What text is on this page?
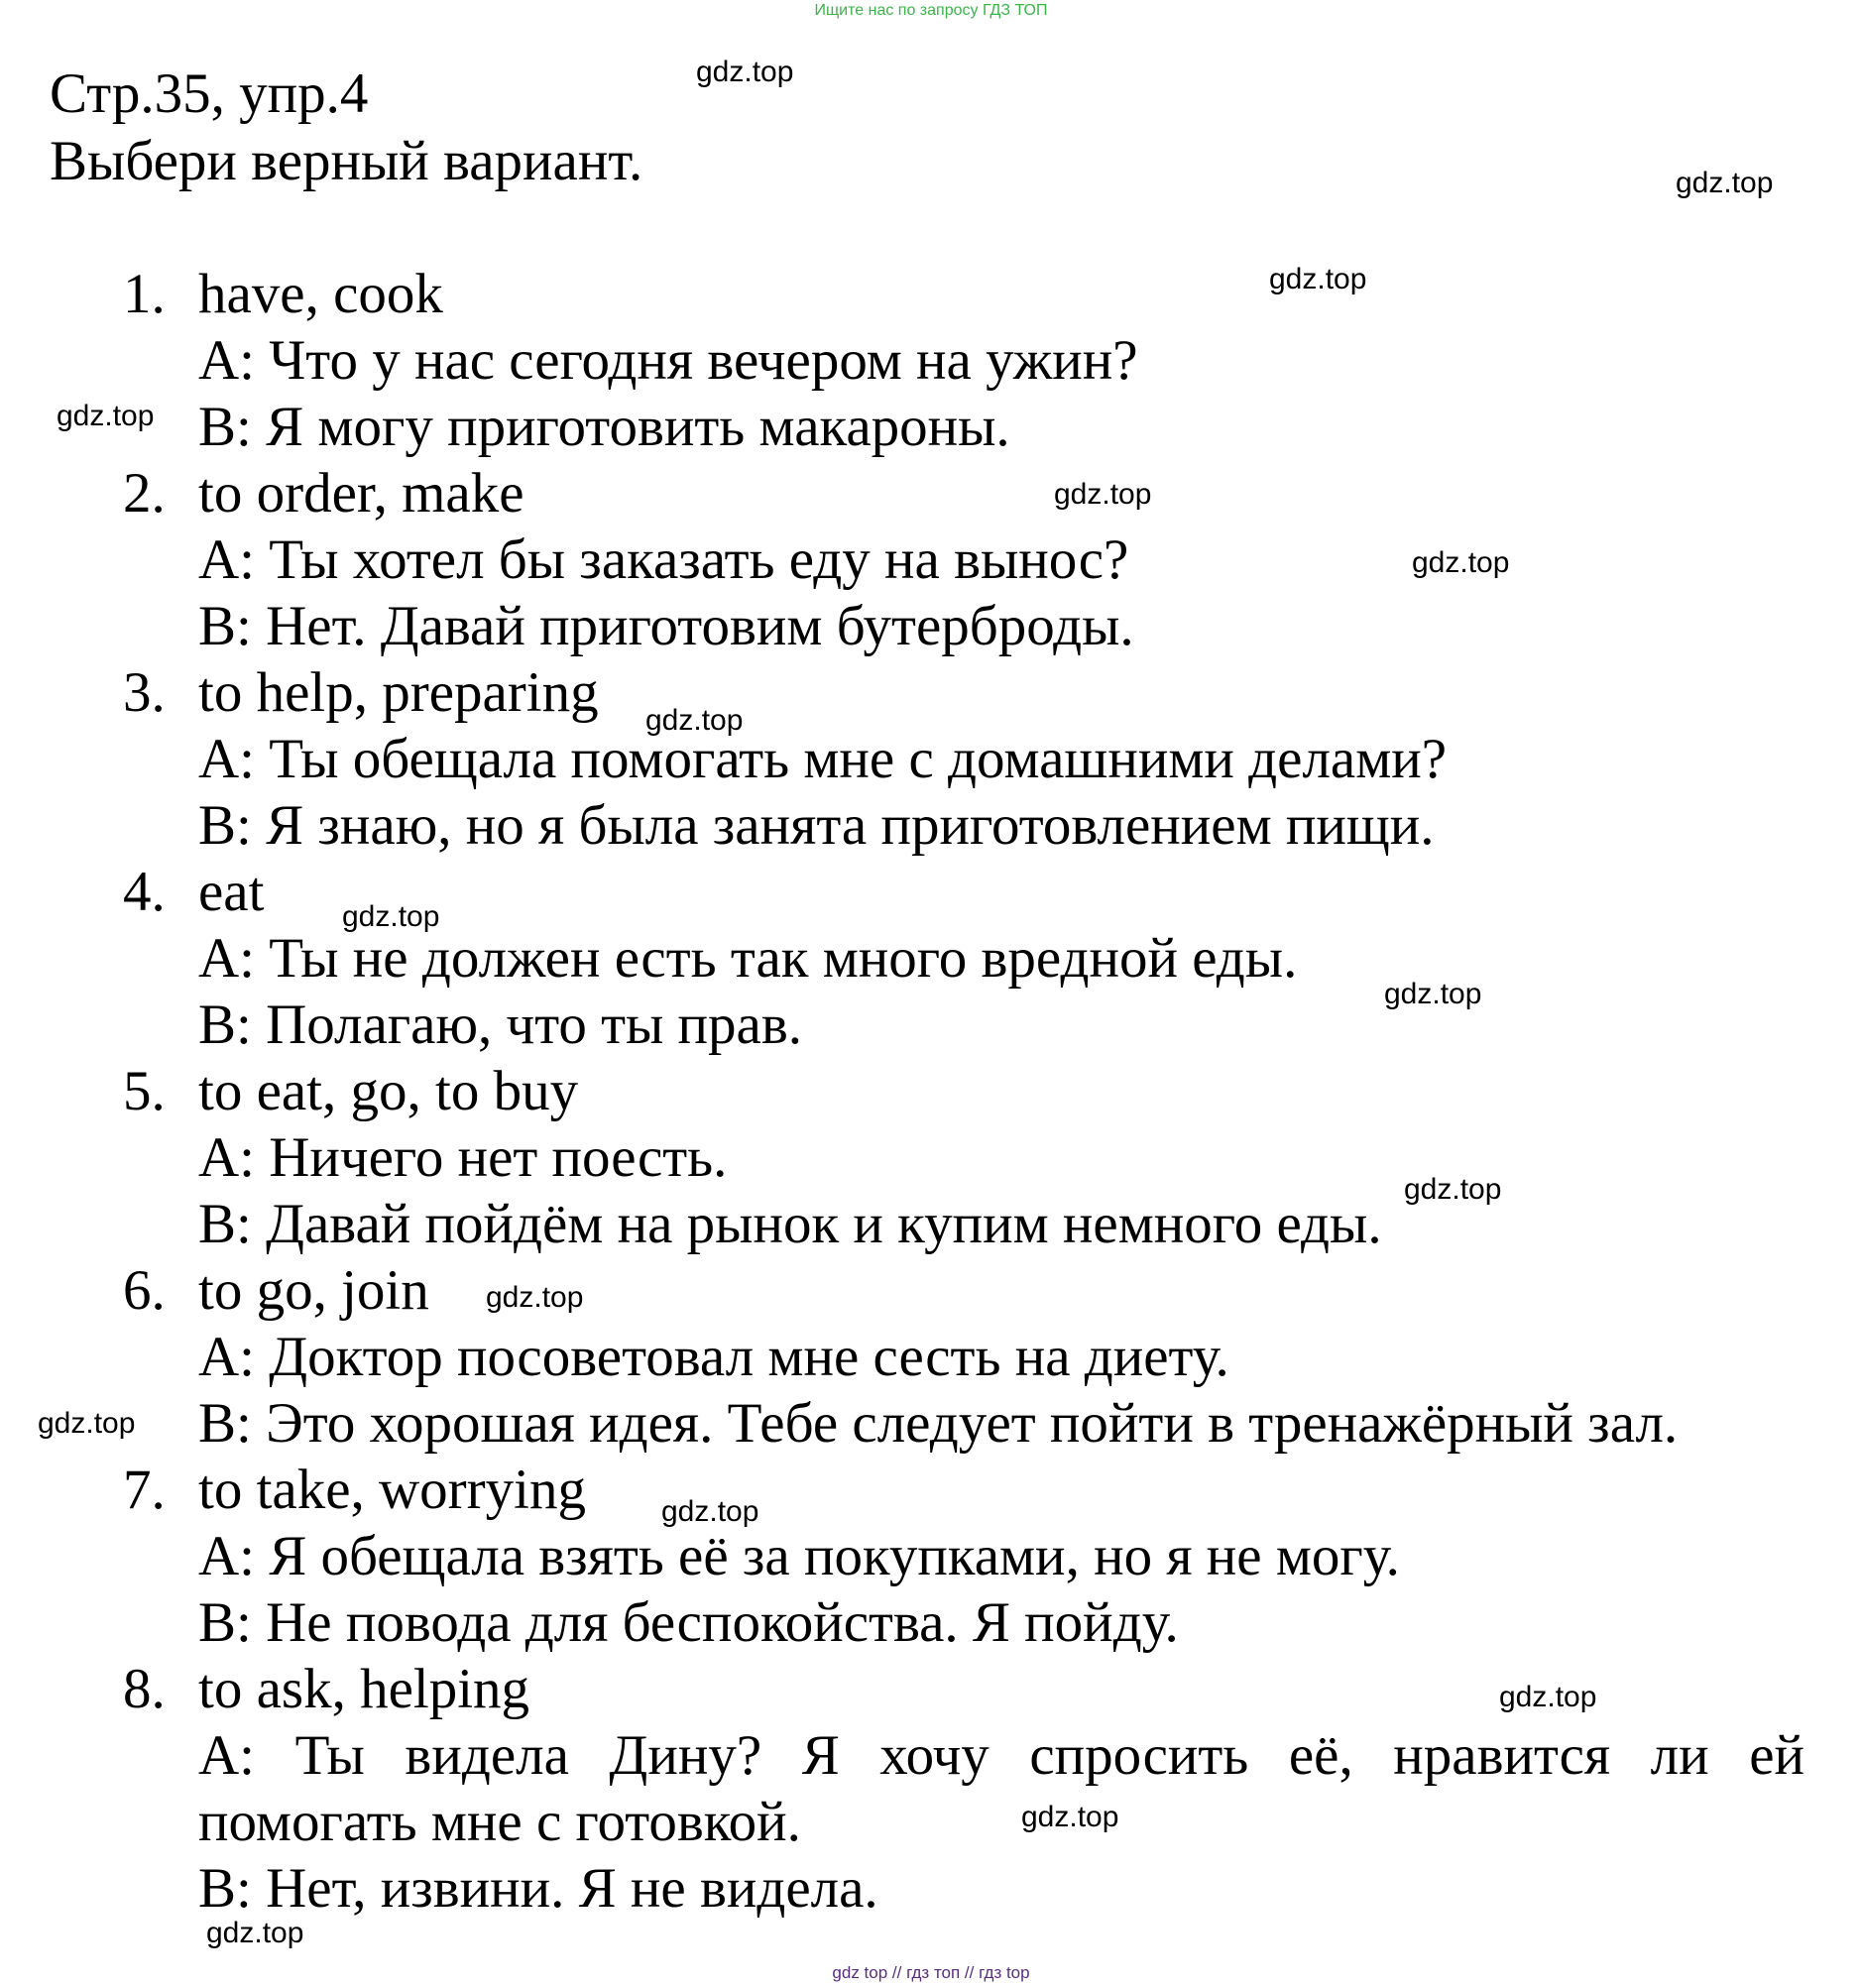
Ищите нас по запросу ГДЗ ТОП
Стр.35, упр.4
Выбери верный вариант.
gdz.top
gdz.top
gdz.top
gdz.top
gdz.top
gdz.top
gdz.top
gdz.top
gdz.top
gdz.top
gdz.top
gdz.top
gdz.top
gdz.top
gdz.top
gdz.top
1. have, cook
A: Что у нас сегодня вечером на ужин?
B: Я могу приготовить макароны.
2. to order, make
A: Ты хотел бы заказать еду на вынос?
B: Нет. Давай приготовим бутерброды.
3. to help, preparing
A: Ты обещала помогать мне с домашними делами?
B: Я знаю, но я была занята приготовлением пищи.
4. eat
A: Ты не должен есть так много вредной еды.
B: Полагаю, что ты прав.
5. to eat, go, to buy
A: Ничего нет поесть.
B: Давай пойдём на рынок и купим немного еды.
6. to go, join
A: Доктор посоветовал мне сесть на диету.
B: Это хорошая идея. Тебе следует пойти в тренажёрный зал.
7. to take, worrying
A: Я обещала взять её за покупками, но я не могу.
B: Не повода для беспокойства. Я пойду.
8. to ask, helping
A: Ты видела Дину? Я хочу спросить её, нравится ли ей
помогать мне с готовкой.
B: Нет, извини. Я не видела.
gdz top // гдз топ // гдз top
